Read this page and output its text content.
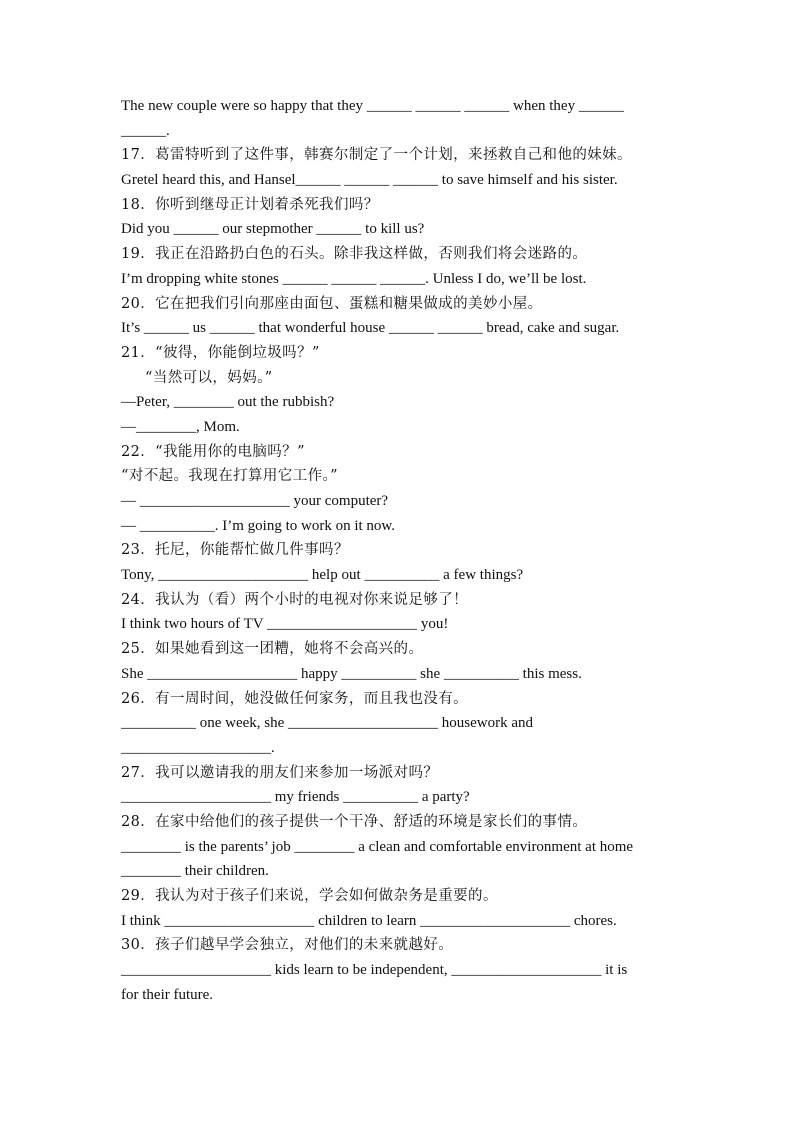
The new couple were so happy that they ______ ______ ______ when they ______
______.
17．葛雷特听到了这件事，韩赛尔制定了一个计划，来拯救自己和他的妹妹。
Gretel heard this, and Hansel______ ______ ______ to save himself and his sister.
18．你听到继母正计划着杀死我们吗？
Did you ______ our stepmother ______ to kill us?
19．我正在沿路扔白色的石头。除非我这样做，否则我们将会迷路的。
I’m dropping white stones ______ ______ ______. Unless I do, we’ll be lost.
20．它在把我们引向那座由面包、蛋糕和糖果做成的美妙小屋。
It’s ______ us ______ that wonderful house ______ ______ bread, cake and sugar.
21．“彼得，你能倒垃圾吗？”
“当然可以，妈妈。”
—Peter, ________ out the rubbish?
—________, Mom.
22．“我能用你的电脑吗？”
“对不起。我现在打算用它工作。”
— ____________________ your computer?
— __________. I’m going to work on it now.
23．托尼，你能帮忙做几件事吗？
Tony, ____________________ help out __________ a few things?
24．我认为（看）两个小时的电视对你来说足够了！
I think two hours of TV ____________________ you!
25．如果她看到这一团糟，她将不会高兴的。
She ____________________ happy __________ she __________ this mess.
26．有一周时间，她没做任何家务，而且我也没有。
__________ one week, she ____________________ housework and
____________________.
27．我可以邀请我的朋友们来参加一场派对吗？
____________________ my friends __________ a party?
28．在家中给他们的孩子提供一个干净、舒适的环境是家长们的事情。
________ is the parents’ job ________ a clean and comfortable environment at home
________ their children.
29．我认为对于孩子们来说，学会如何做杂务是重要的。
I think ____________________ children to learn ____________________ chores.
30．孩子们越早学会独立，对他们的未来就越好。
____________________ kids learn to be independent, ____________________ it is
for their future.
